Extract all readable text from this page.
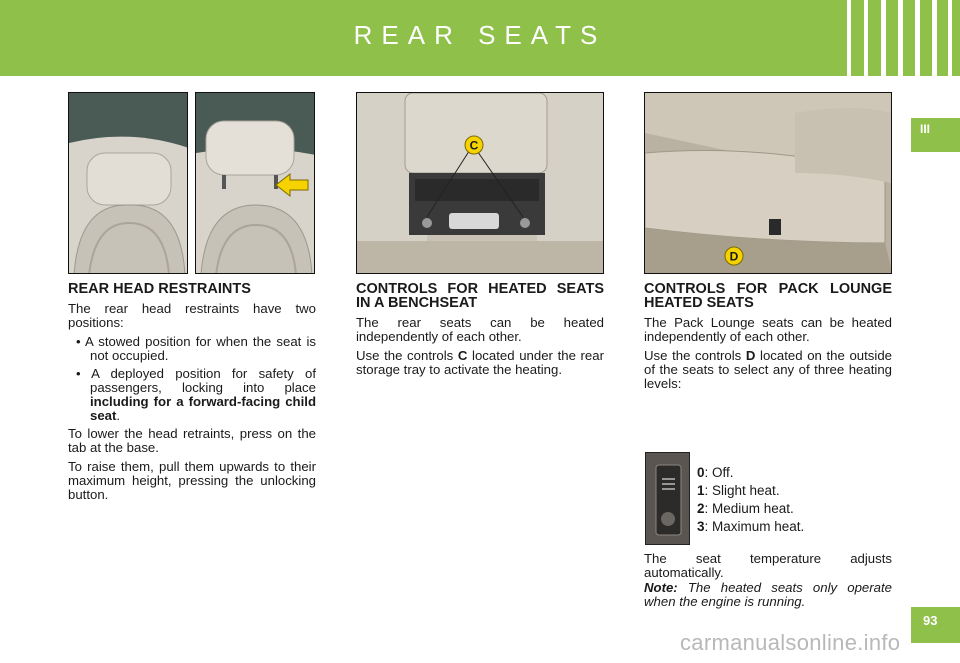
REAR SEATS
III
93
C
D
REAR HEAD RESTRAINTS

The rear head restraints have two positions:

• A stowed position for when the seat is not occupied.

• A deployed position for safety of passengers, locking into place including for a forward-facing child seat.

To lower the head retraints, press on the tab at the base.

To raise them, pull them upwards to their maximum height, pressing the unlocking button.

CONTROLS FOR HEATED SEATS IN A BENCHSEAT

The rear seats can be heated independently of each other.

Use the controls C located under the rear storage tray to activate the heating.

CONTROLS FOR PACK LOUNGE HEATED SEATS

The Pack Lounge seats can be heated independently of each other.

Use the controls D located on the outside of the seats to select any of three heating levels:

0: Off.
1: Slight heat.
2: Medium heat.
3: Maximum heat.

The seat temperature adjusts automatically.

Note: The heated seats only operate when the engine is running.

carmanualsonline.info
